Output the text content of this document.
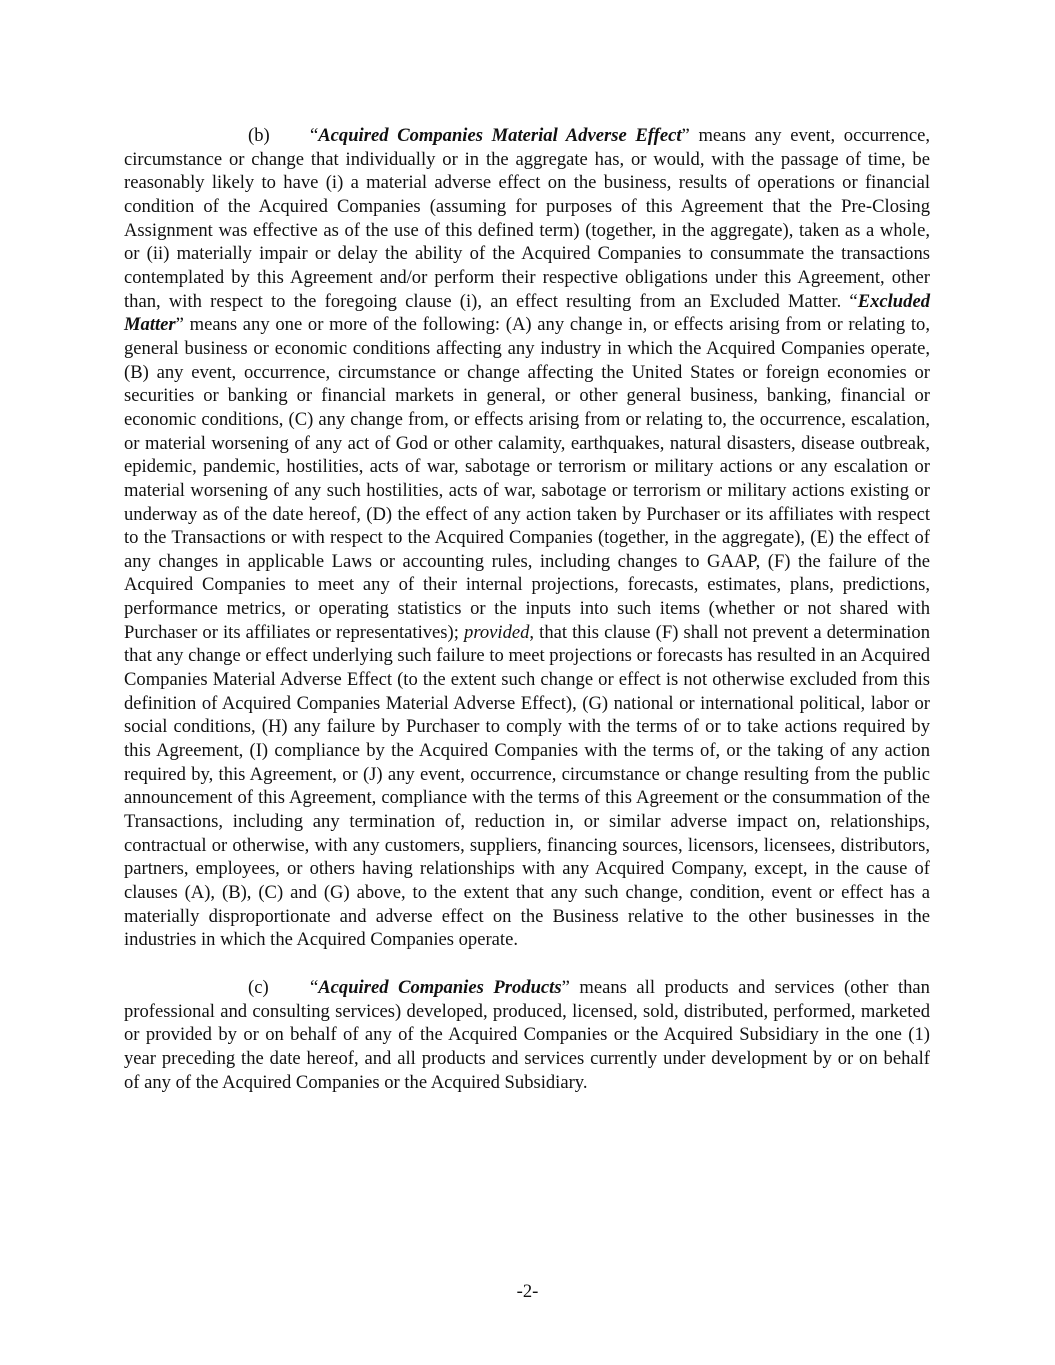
(b) “Acquired Companies Material Adverse Effect” means any event, occurrence, circumstance or change that individually or in the aggregate has, or would, with the passage of time, be reasonably likely to have (i) a material adverse effect on the business, results of operations or financial condition of the Acquired Companies (assuming for purposes of this Agreement that the Pre-Closing Assignment was effective as of the use of this defined term) (together, in the aggregate), taken as a whole, or (ii) materially impair or delay the ability of the Acquired Companies to consummate the transactions contemplated by this Agreement and/or perform their respective obligations under this Agreement, other than, with respect to the foregoing clause (i), an effect resulting from an Excluded Matter. “Excluded Matter” means any one or more of the following: (A) any change in, or effects arising from or relating to, general business or economic conditions affecting any industry in which the Acquired Companies operate, (B) any event, occurrence, circumstance or change affecting the United States or foreign economies or securities or banking or financial markets in general, or other general business, banking, financial or economic conditions, (C) any change from, or effects arising from or relating to, the occurrence, escalation, or material worsening of any act of God or other calamity, earthquakes, natural disasters, disease outbreak, epidemic, pandemic, hostilities, acts of war, sabotage or terrorism or military actions or any escalation or material worsening of any such hostilities, acts of war, sabotage or terrorism or military actions existing or underway as of the date hereof, (D) the effect of any action taken by Purchaser or its affiliates with respect to the Transactions or with respect to the Acquired Companies (together, in the aggregate), (E) the effect of any changes in applicable Laws or accounting rules, including changes to GAAP, (F) the failure of the Acquired Companies to meet any of their internal projections, forecasts, estimates, plans, predictions, performance metrics, or operating statistics or the inputs into such items (whether or not shared with Purchaser or its affiliates or representatives); provided, that this clause (F) shall not prevent a determination that any change or effect underlying such failure to meet projections or forecasts has resulted in an Acquired Companies Material Adverse Effect (to the extent such change or effect is not otherwise excluded from this definition of Acquired Companies Material Adverse Effect), (G) national or international political, labor or social conditions, (H) any failure by Purchaser to comply with the terms of or to take actions required by this Agreement, (I) compliance by the Acquired Companies with the terms of, or the taking of any action required by, this Agreement, or (J) any event, occurrence, circumstance or change resulting from the public announcement of this Agreement, compliance with the terms of this Agreement or the consummation of the Transactions, including any termination of, reduction in, or similar adverse impact on, relationships, contractual or otherwise, with any customers, suppliers, financing sources, licensors, licensees, distributors, partners, employees, or others having relationships with any Acquired Company, except, in the cause of clauses (A), (B), (C) and (G) above, to the extent that any such change, condition, event or effect has a materially disproportionate and adverse effect on the Business relative to the other businesses in the industries in which the Acquired Companies operate.

(c) “Acquired Companies Products” means all products and services (other than professional and consulting services) developed, produced, licensed, sold, distributed, performed, marketed or provided by or on behalf of any of the Acquired Companies or the Acquired Subsidiary in the one (1) year preceding the date hereof, and all products and services currently under development by or on behalf of any of the Acquired Companies or the Acquired Subsidiary.

-2-
